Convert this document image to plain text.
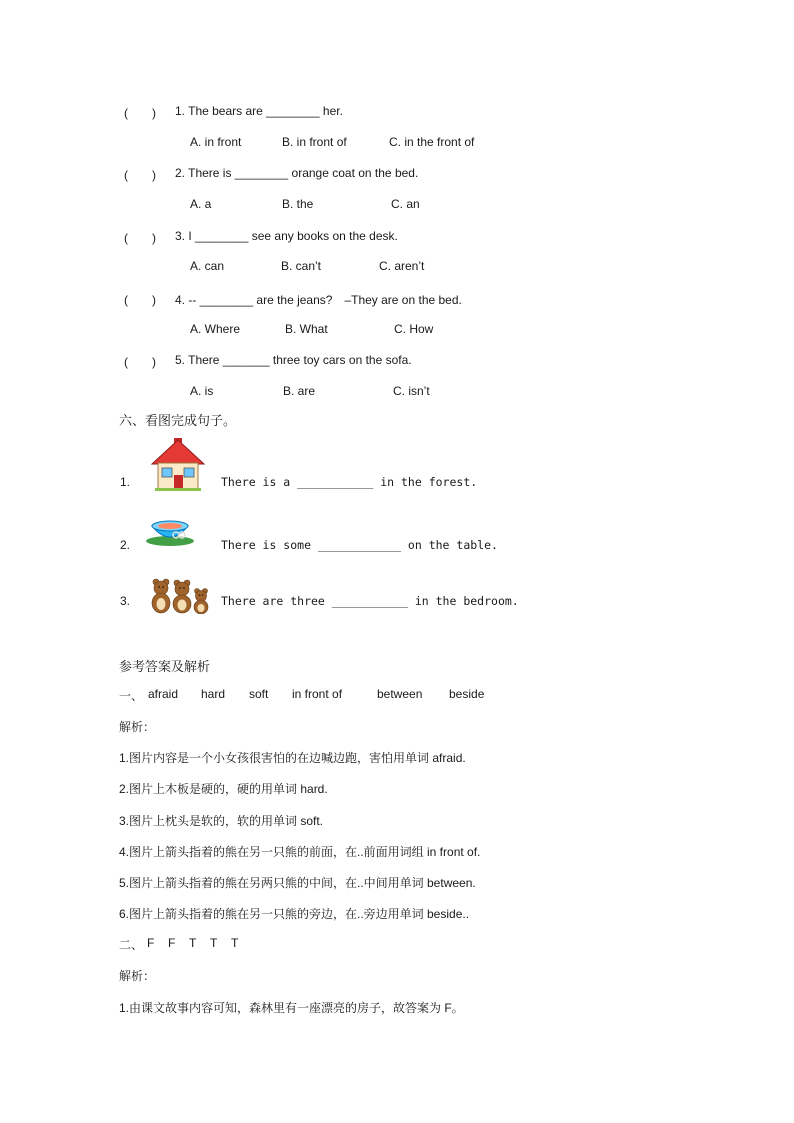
(　　) 1. The bears are ________ her.
A. in front	B. in front of	C. in the front of
(　　) 2. There is ________ orange coat on the bed.
A. a	B. the	C. an
(　　) 3. I ________ see any books on the desk.
A. can	B. can’t	C. aren’t
(　　) 4. -- ________ are the jeans?　–They are on the bed.
A. Where	B. What	C. How
(　　) 5. There _______ three toy cars on the sofa.
A. is	B. are	C. isn’t
六、看图完成句子。
1.	There is a ___________ in the forest.
2.	There is some ____________ on the table.
3.	There are three ___________ in the bedroom.
参考答案及解析
一、 afraid hard soft in front of	between beside
解析：
1.图片内容是一个小女孩很害怕的在边喊边跑，害怕用单词 afraid.
2.图片上木板是硬的，硬的用单词 hard.
3.图片上枕头是软的，软的用单词 soft.
4.图片上箭头指着的熊在另一只熊的前面，在..前面用词组 in front of.
5.图片上箭头指着的熊在另两只熊的中间，在..中间用单词 between.
6.图片上箭头指着的熊在另一只熊的旁边，在..旁边用单词 beside..
二、 F F T T T
解析：
1.由课文故事内容可知，森林里有一座漂亮的房子，故答案为 F。
